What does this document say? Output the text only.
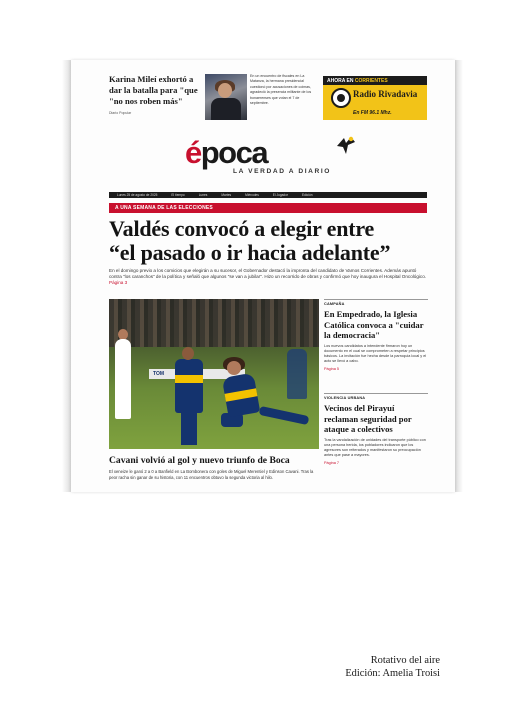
Karina Mileí exhortó a dar la batalla para "que "no nos roben más"
Diario Popular
En un encuentro de fiscales en La Matanza, la hermana presidencial cuestionó por acusaciones de coimas, agradeció la presencia militante de los bonaerenses que votan el 7 de septiembre.
AHORA EN CORRIENTES
Radio Rivadavia
En FM 96.1 Mhz.
época
LA VERDAD A DIARIO
Lunes 25 de agosto de 2025	El tiempo	Lunes	Martes	Miércoles	El Jugador	Edición
A UNA SEMANA DE LAS ELECCIONES
Valdés convocó a elegir entre
“el pasado o ir hacia adelante”
En el domingo previo a los comicios que elegirán a su sucesor, el Gobernador destacó la impronta del candidato de Vamos Corrientes. Además apuntó contra "los caranchos" de la política y señaló que algunos "se van a jubilar". Hizo un recorrido de obras y confirmó que hoy inaugura el Hospital Oncológico. Página 3
TOM
Cavani volvió al gol y nuevo triunfo de Boca
El xeneize le ganó 2 a 0 a Banfield en La Bombonera con goles de Miguel Merentiel y Edinson Cavani. Tras la peor racha sin ganar de su historia, con 11 encuentros obtuvo la segunda victoria al hilo.
CAMPAÑA
En Empedrado, la Iglesia Católica convoca a "cuidar la democracia"
Los nuevos candidatos a intendente firmaron hoy un documento en el cual se comprometen a respetar principios básicos. La invitación fue hecha desde la parroquia local y el acto se llevó a cabo.
Página 5
VIOLENCIA URBANA
Vecinos del Pirayuí reclaman seguridad por ataque a colectivos
Tras la vandalización de unidades del transporte público con una persona herida, los pobladores indicaron que los agresores son reiterados y manifestaron su preocupación antes que pase a mayores.
Página 7
Rotativo del aire
Edición: Amelia Troisi
